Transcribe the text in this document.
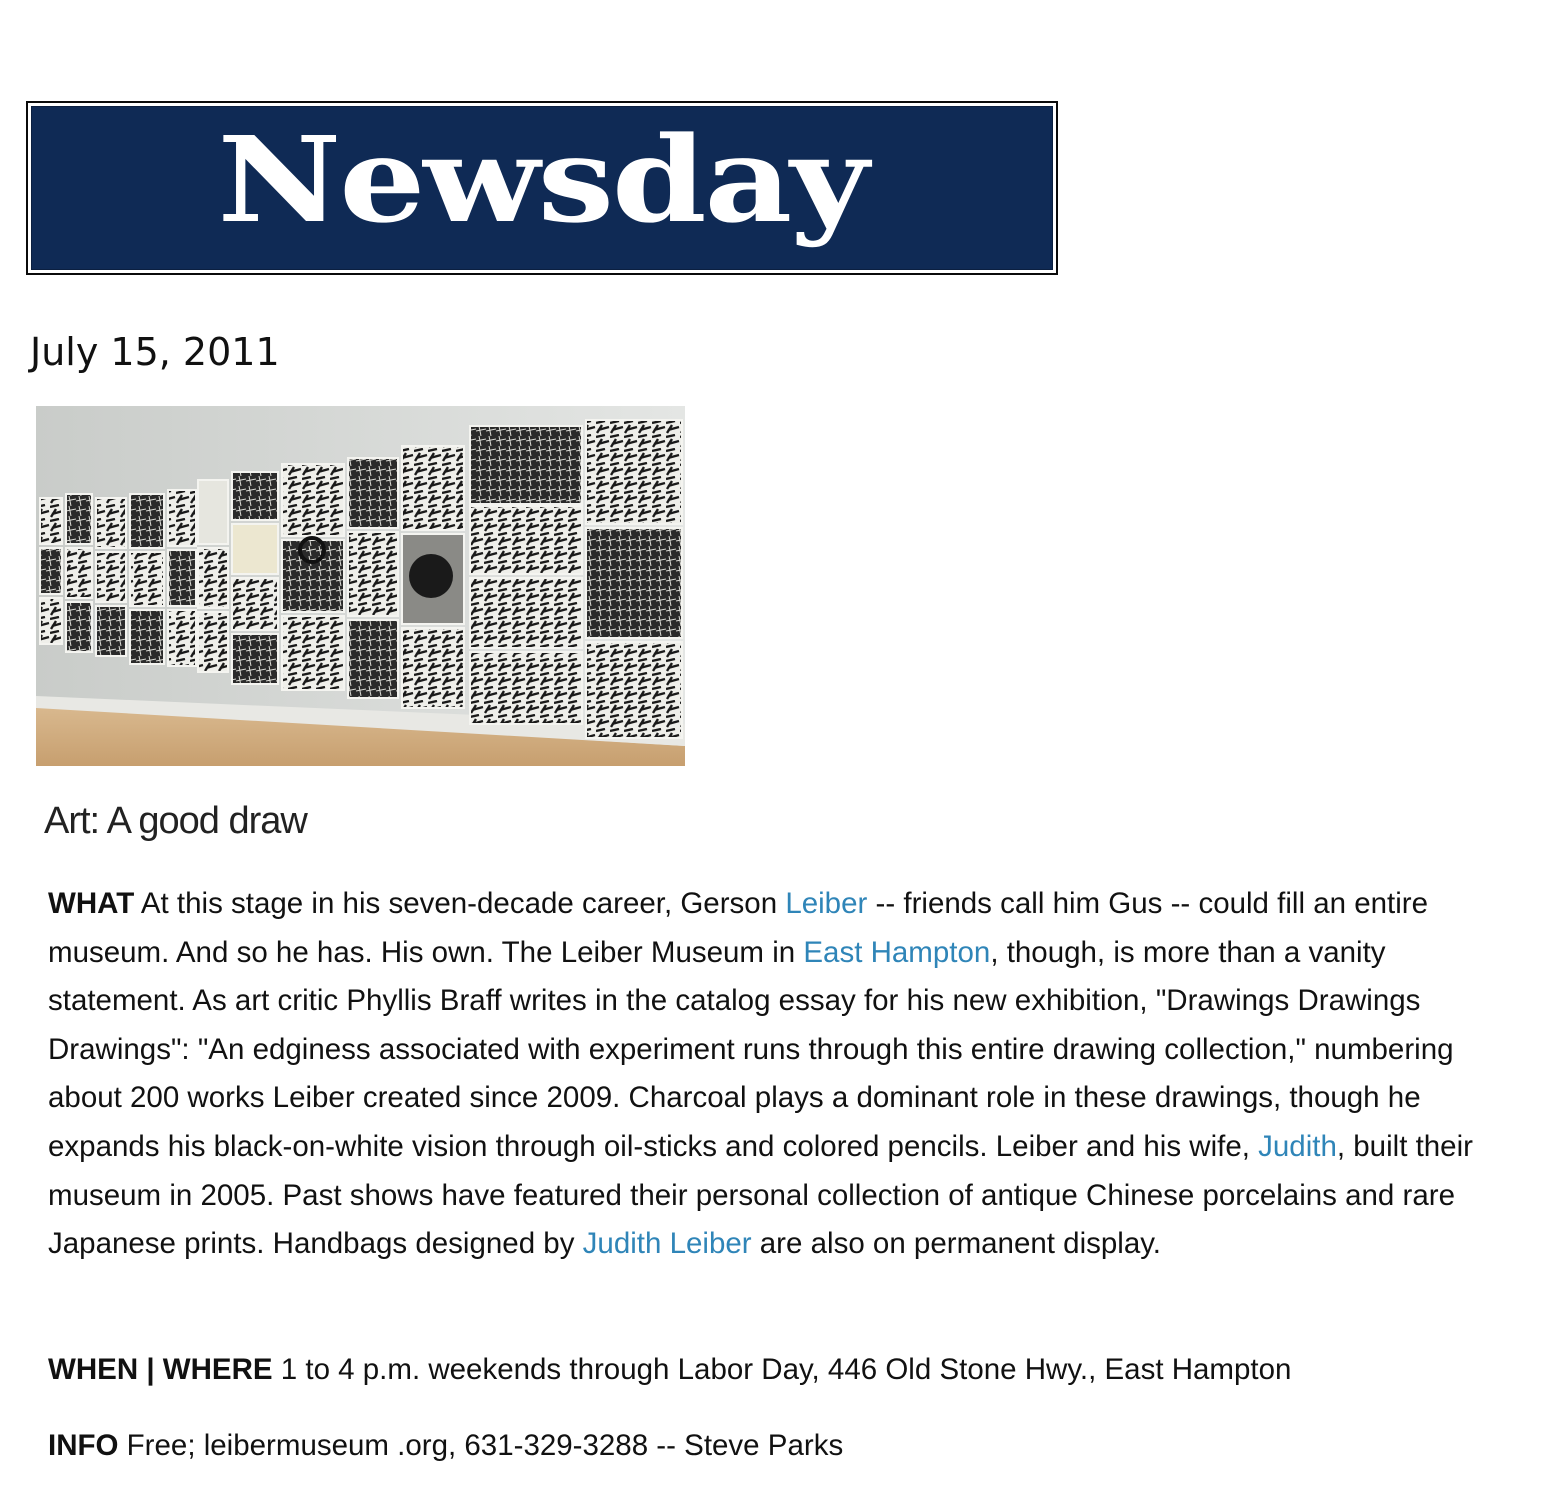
Newsday
July 15, 2011
Art: A good draw

WHAT At this stage in his seven-decade career, Gerson Leiber -- friends call him Gus -- could fill an entire museum. And so he has. His own. The Leiber Museum in East Hampton, though, is more than a vanity statement. As art critic Phyllis Braff writes in the catalog essay for his new exhibition, "Drawings Drawings Drawings": "An edginess associated with experiment runs through this entire drawing collection," numbering about 200 works Leiber created since 2009. Charcoal plays a dominant role in these drawings, though he expands his black-on-white vision through oil-sticks and colored pencils. Leiber and his wife, Judith, built their museum in 2005. Past shows have featured their personal collection of antique Chinese porcelains and rare Japanese prints. Handbags designed by Judith Leiber are also on permanent display.

WHEN | WHERE 1 to 4 p.m. weekends through Labor Day, 446 Old Stone Hwy., East Hampton

INFO Free; leibermuseum .org, 631-329-3288 -- Steve Parks
